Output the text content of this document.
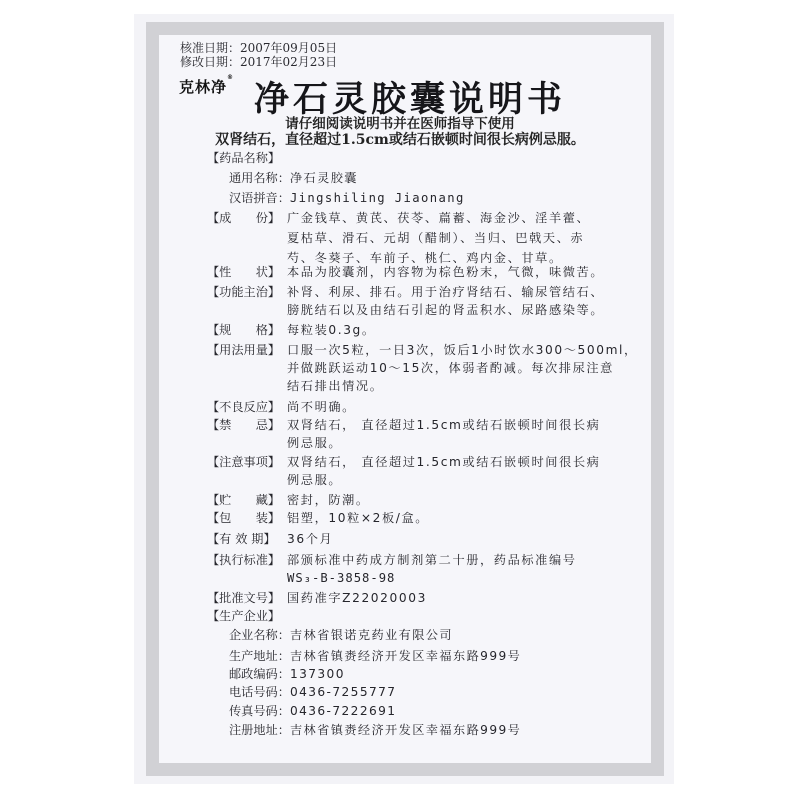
核准日期：2007年09月05日
修改日期：2017年02月23日
克林净®
净石灵胶囊说明书
请仔细阅读说明书并在医师指导下使用
双肾结石，直径超过1.5cm或结石嵌顿时间很长病例忌服。
【药品名称】
通用名称：净石灵胶囊
汉语拼音：Jingshiling Jiaonang
【成　　份】 广金钱草、黄芪、茯苓、萹蓄、海金沙、淫羊藿、
夏枯草、滑石、元胡（醋制）、当归、巴戟天、赤
芍、冬葵子、车前子、桃仁、鸡内金、甘草。
【性　　状】 本品为胶囊剂，内容物为棕色粉末，气微，味微苦。
【功能主治】 补肾、利尿、排石。用于治疗肾结石、输尿管结石、
膀胱结石以及由结石引起的肾盂积水、尿路感染等。
【规　　格】 每粒装0.3g。
【用法用量】 口服一次5粒，一日3次，饭后1小时饮水300～500ml，
并做跳跃运动10～15次，体弱者酌减。每次排尿注意
结石排出情况。
【不良反应】 尚不明确。
【禁　　忌】 双肾结石， 直径超过1.5cm或结石嵌顿时间很长病
例忌服。
【注意事项】 双肾结石， 直径超过1.5cm或结石嵌顿时间很长病
例忌服。
【贮　　藏】 密封，防潮。
【包　　装】 铝塑，10粒×2板/盒。
【有 效 期】 36个月
【执行标准】 部颁标准中药成方制剂第二十册，药品标准编号
WS₃-B-3858-98
【批准文号】 国药准字Z22020003
【生产企业】
企业名称：吉林省银诺克药业有限公司
生产地址：吉林省镇赉经济开发区幸福东路999号
邮政编码：137300
电话号码：0436-7255777
传真号码：0436-7222691
注册地址：吉林省镇赉经济开发区幸福东路999号
